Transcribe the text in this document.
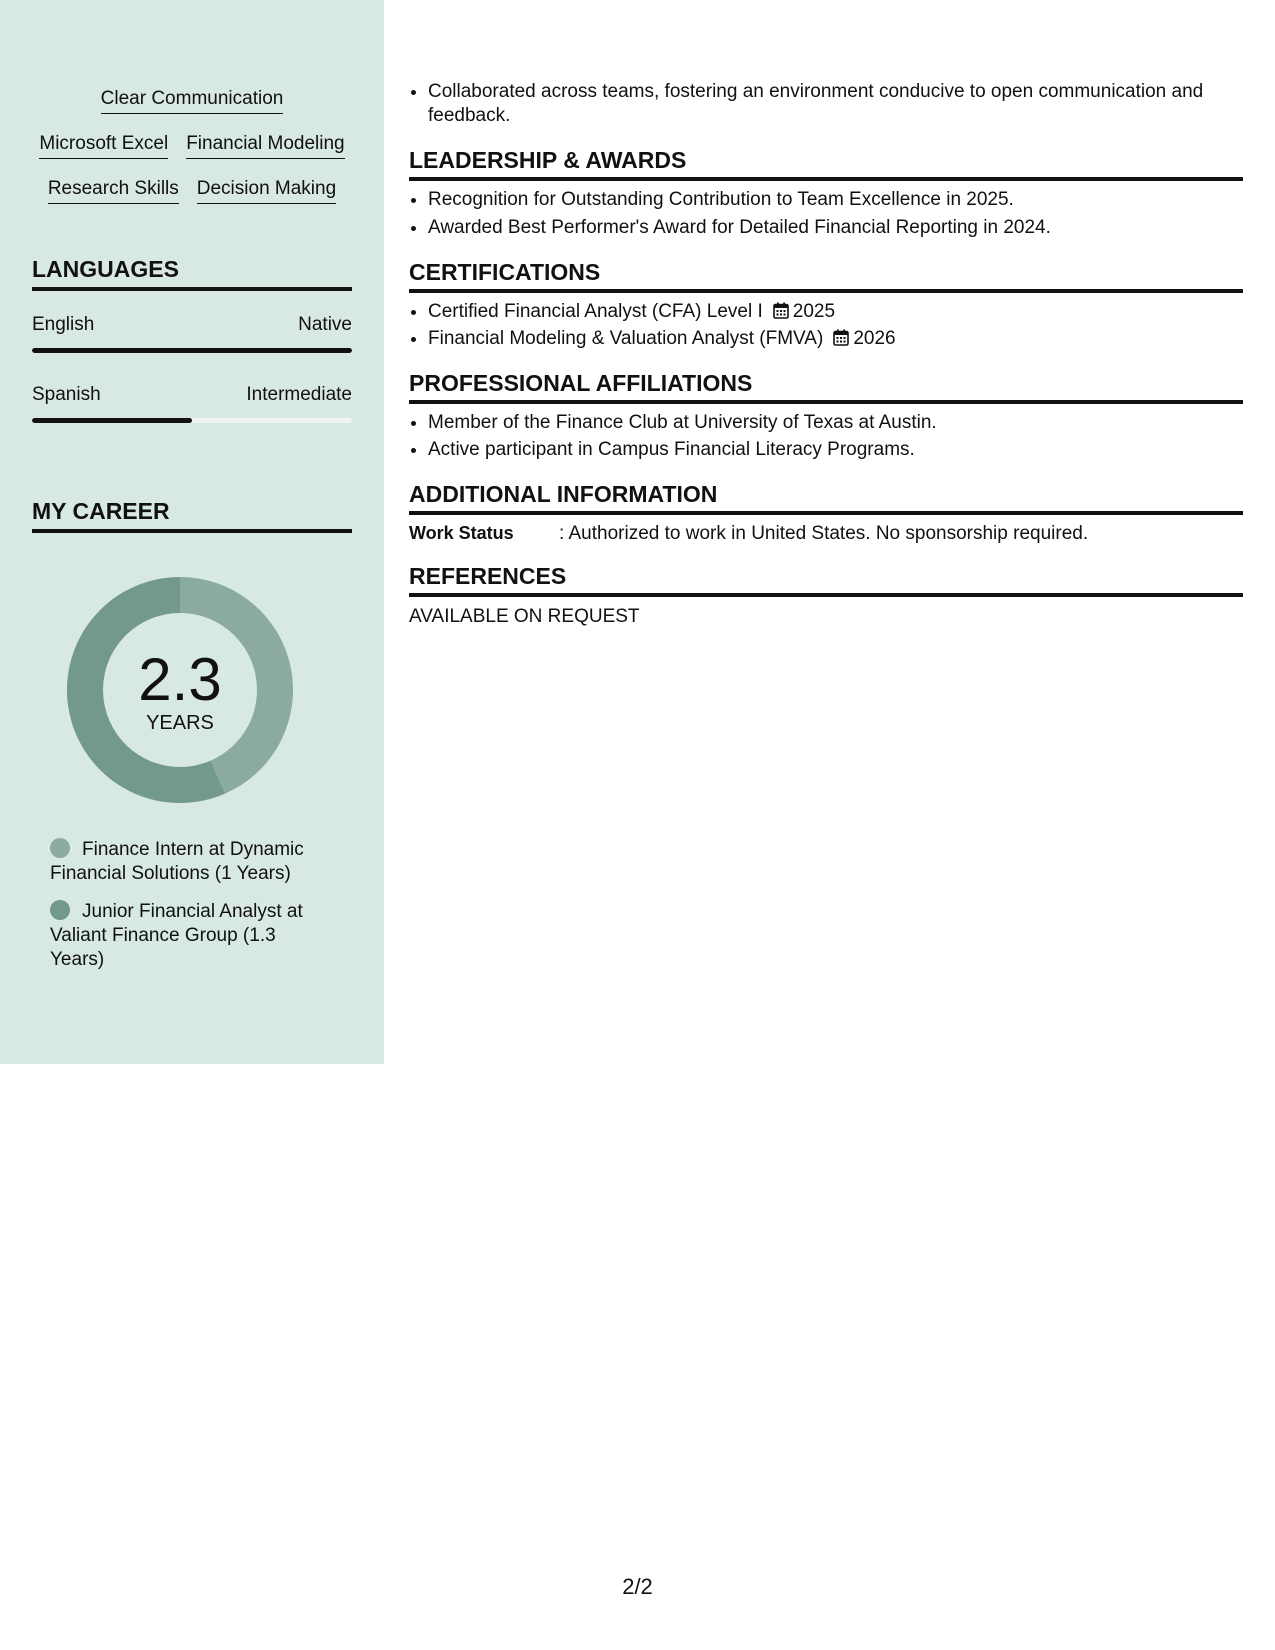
Clear Communication
Microsoft Excel Financial Modeling
Research Skills Decision Making
LANGUAGES
English	Native
Spanish	Intermediate
MY CAREER
2.3
YEARS
Finance Intern at Dynamic Financial Solutions (1 Years)
Junior Financial Analyst at Valiant Finance Group (1.3 Years)
• Collaborated across teams, fostering an environment conducive to open communication and feedback.
LEADERSHIP & AWARDS
• Recognition for Outstanding Contribution to Team Excellence in 2025.
• Awarded Best Performer's Award for Detailed Financial Reporting in 2024.
CERTIFICATIONS
• Certified Financial Analyst (CFA) Level I 2025
• Financial Modeling & Valuation Analyst (FMVA) 2026
PROFESSIONAL AFFILIATIONS
• Member of the Finance Club at University of Texas at Austin.
• Active participant in Campus Financial Literacy Programs.
ADDITIONAL INFORMATION
Work Status : Authorized to work in United States. No sponsorship required.
REFERENCES
AVAILABLE ON REQUEST
2/2
